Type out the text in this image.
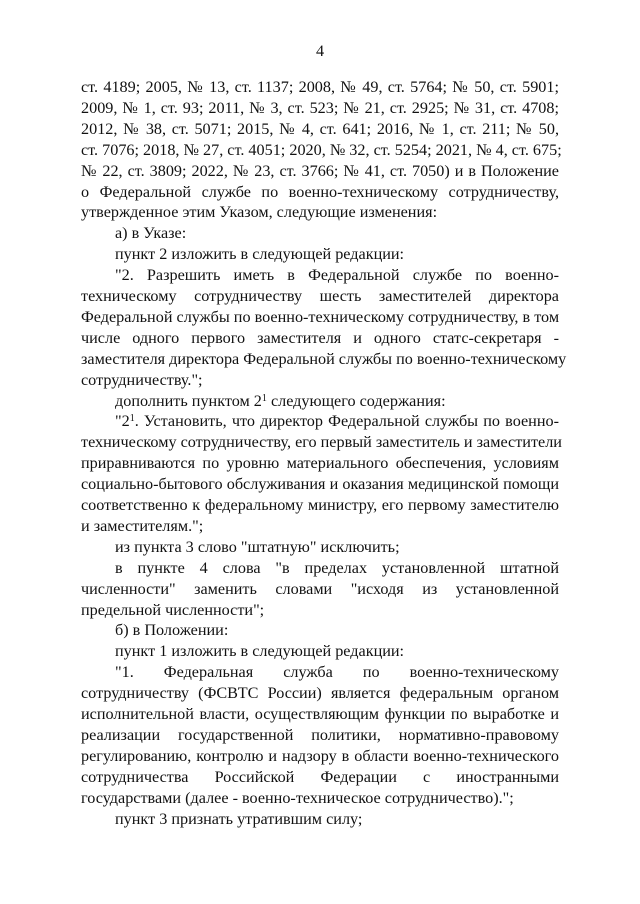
4
ст. 4189; 2005, № 13, ст. 1137; 2008, № 49, ст. 5764; № 50, ст. 5901;
2009, № 1, ст. 93; 2011, № 3, ст. 523; № 21, ст. 2925; № 31, ст. 4708;
2012, № 38, ст. 5071; 2015, № 4, ст. 641; 2016, № 1, ст. 211; № 50,
ст. 7076; 2018, № 27, ст. 4051; 2020, № 32, ст. 5254; 2021, № 4, ст. 675;
№ 22, ст. 3809; 2022, № 23, ст. 3766; № 41, ст. 7050) и в Положение
о Федеральной службе по военно-техническому сотрудничеству,
утвержденное этим Указом, следующие изменения:
а) в Указе:
пункт 2 изложить в следующей редакции:
"2. Разрешить иметь в Федеральной службе по военно-
техническому сотрудничеству шесть заместителей директора
Федеральной службы по военно-техническому сотрудничеству, в том
числе одного первого заместителя и одного статс-секретаря -
заместителя директора Федеральной службы по военно-техническому
сотрудничеству.";
дополнить пунктом $2^1$ следующего содержания:
"$2^1$. Установить, что директор Федеральной службы по военно-
техническому сотрудничеству, его первый заместитель и заместители
приравниваются по уровню материального обеспечения, условиям
социально-бытового обслуживания и оказания медицинской помощи
соответственно к федеральному министру, его первому заместителю
и заместителям.";
из пункта 3 слово "штатную" исключить;
в пункте 4 слова "в пределах установленной штатной
численности" заменить словами "исходя из установленной
предельной численности";
б) в Положении:
пункт 1 изложить в следующей редакции:
"1. Федеральная служба по военно-техническому
сотрудничеству (ФСВТС России) является федеральным органом
исполнительной власти, осуществляющим функции по выработке и
реализации государственной политики, нормативно-правовому
регулированию, контролю и надзору в области военно-технического
сотрудничества Российской Федерации с иностранными
государствами (далее - военно-техническое сотрудничество).";
пункт 3 признать утратившим силу;
